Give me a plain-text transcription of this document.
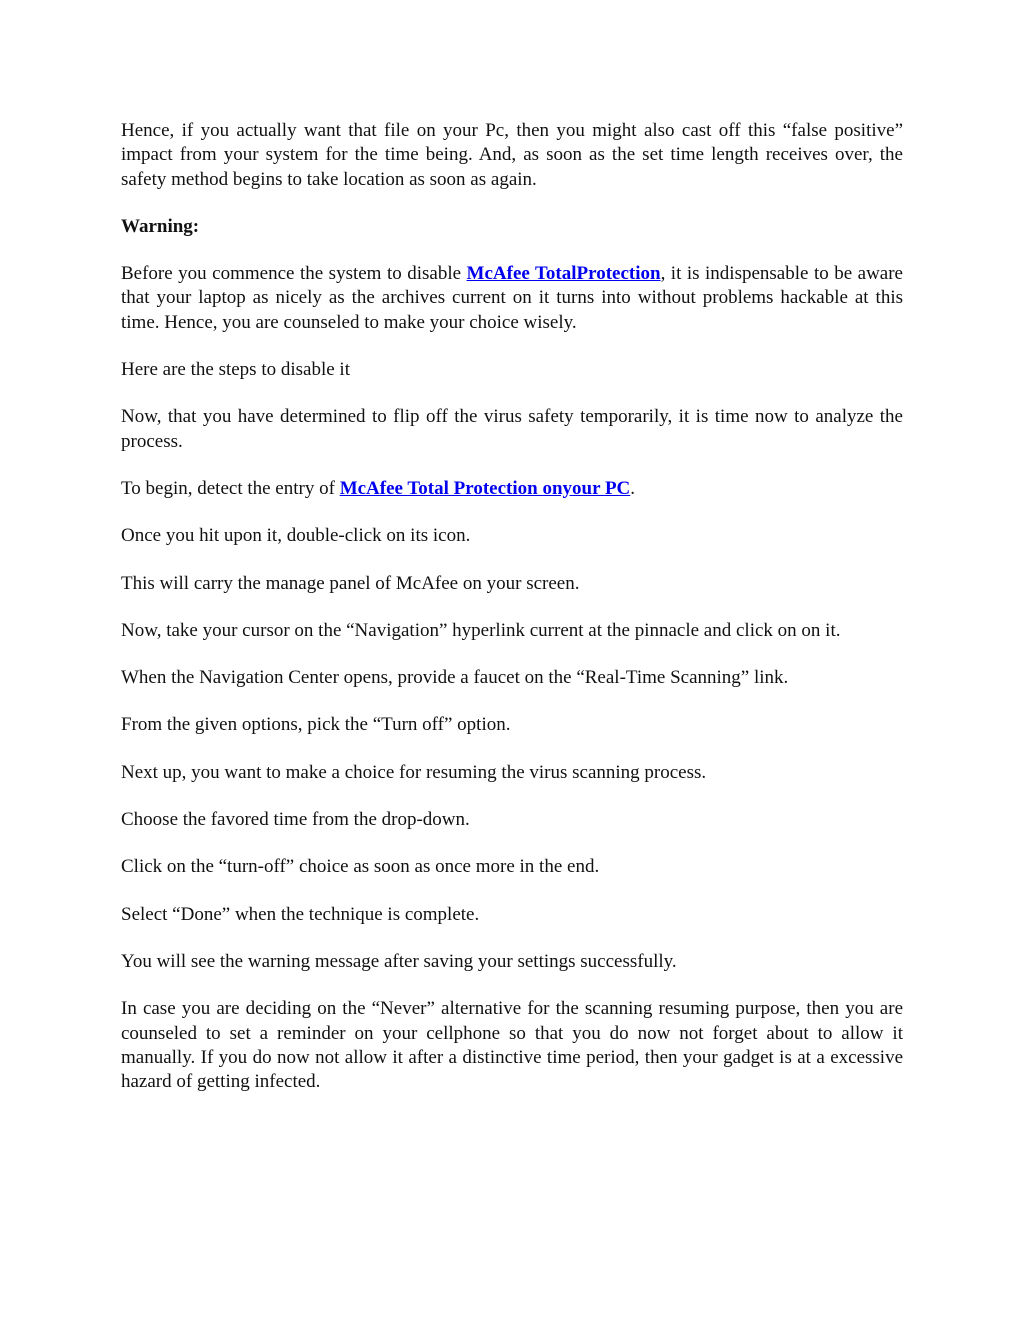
Hence, if you actually want that file on your Pc, then you might also cast off this “false positive” impact from your system for the time being. And, as soon as the set time length receives over, the safety method begins to take location as soon as again.

Warning:

Before you commence the system to disable McAfee TotalProtection, it is indispensable to be aware that your laptop as nicely as the archives current on it turns into without problems hackable at this time. Hence, you are counseled to make your choice wisely.

Here are the steps to disable it

Now, that you have determined to flip off the virus safety temporarily, it is time now to analyze the process.

To begin, detect the entry of McAfee Total Protection onyour PC.

Once you hit upon it, double-click on its icon.

This will carry the manage panel of McAfee on your screen.

Now, take your cursor on the “Navigation” hyperlink current at the pinnacle and click on on it.

When the Navigation Center opens, provide a faucet on the “Real-Time Scanning” link.

From the given options, pick the “Turn off” option.

Next up, you want to make a choice for resuming the virus scanning process.

Choose the favored time from the drop-down.

Click on the “turn-off” choice as soon as once more in the end.

Select “Done” when the technique is complete.

You will see the warning message after saving your settings successfully.

In case you are deciding on the “Never” alternative for the scanning resuming purpose, then you are counseled to set a reminder on your cellphone so that you do now not forget about to allow it manually. If you do now not allow it after a distinctive time period, then your gadget is at a excessive hazard of getting infected.
